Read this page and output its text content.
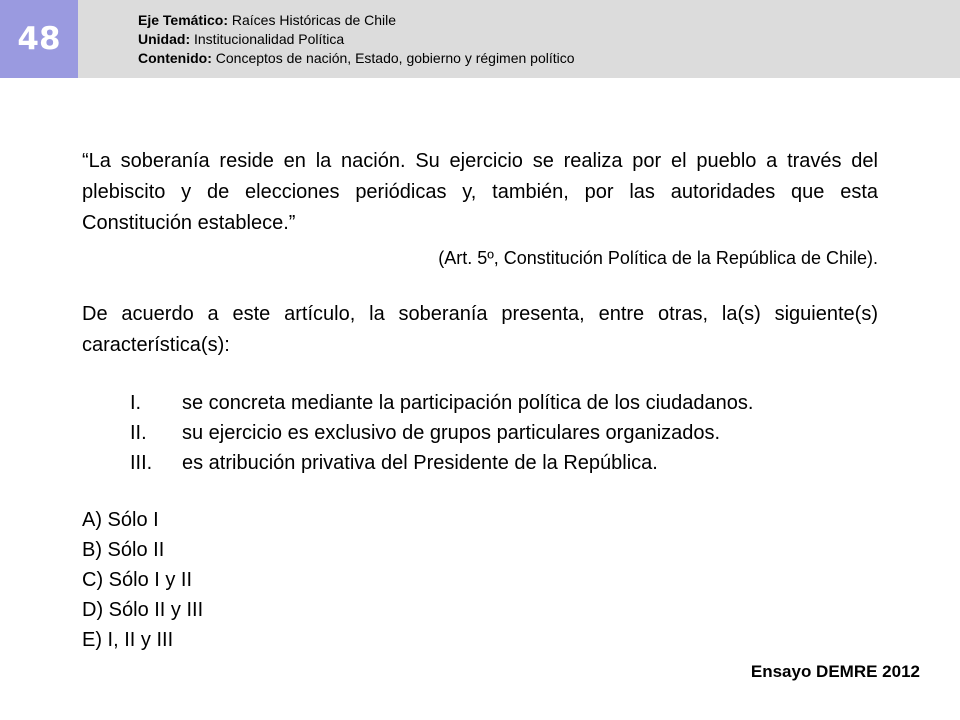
48
Eje Temático: Raíces Históricas de Chile
Unidad: Institucionalidad Política
Contenido: Conceptos de nación, Estado, gobierno y régimen político
“La soberanía reside en la nación. Su ejercicio se realiza por el pueblo a través del plebiscito y de elecciones periódicas y, también, por las autoridades que esta Constitución establece.”
(Art. 5º, Constitución Política de la República de Chile).
De acuerdo a este artículo, la soberanía presenta, entre otras, la(s) siguiente(s) característica(s):
I.	se concreta mediante la participación política de los ciudadanos.
II.	su ejercicio es exclusivo de grupos particulares organizados.
III.	es atribución privativa del Presidente de la República.
A) Sólo I
B) Sólo II
C) Sólo I y II
D) Sólo II y III
E) I, II y III
Ensayo DEMRE 2012
